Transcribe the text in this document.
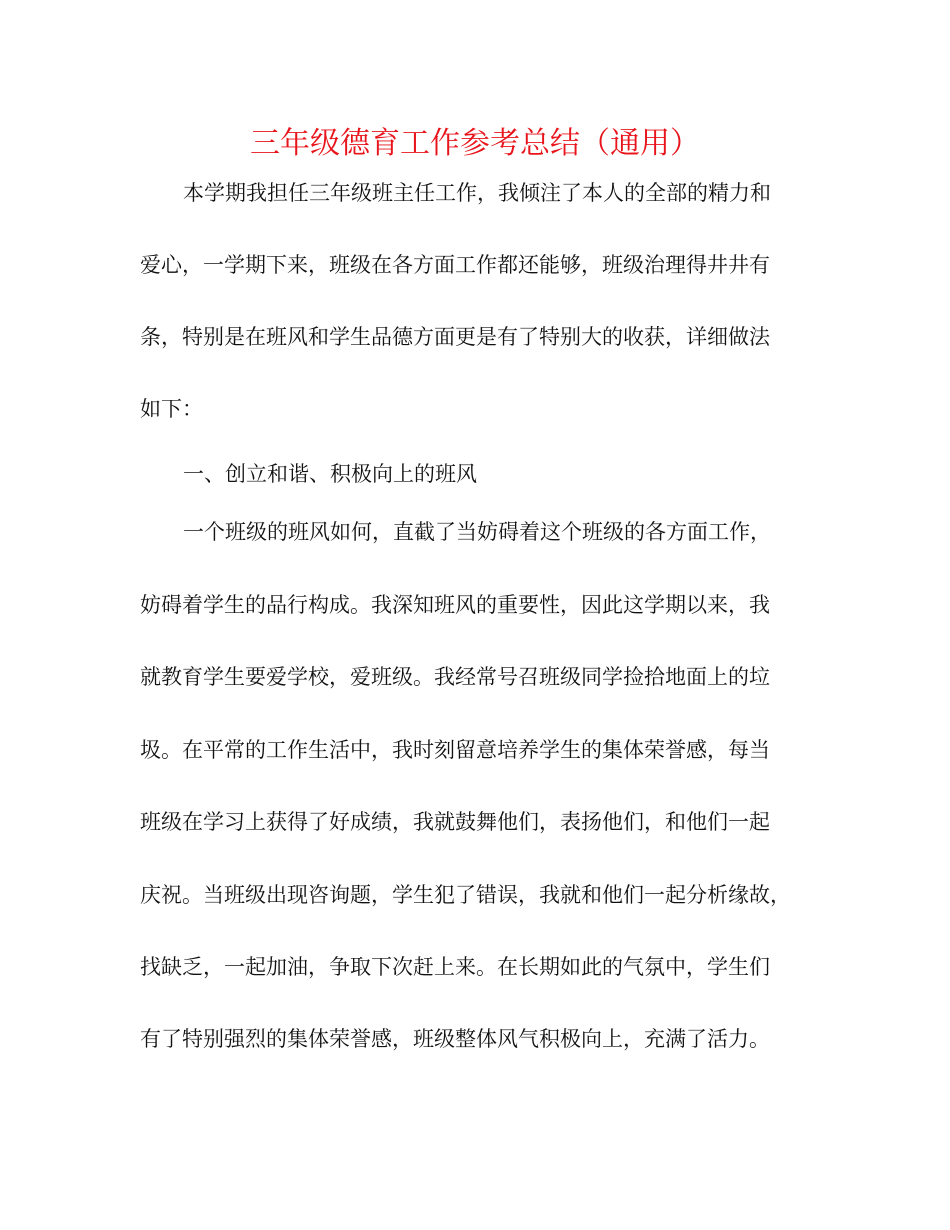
三年级德育工作参考总结（通用）
本学期我担任三年级班主任工作，我倾注了本人的全部的精力和
爱心，一学期下来，班级在各方面工作都还能够，班级治理得井井有
条，特别是在班风和学生品德方面更是有了特别大的收获，详细做法
如下：
一、创立和谐、积极向上的班风
一个班级的班风如何，直截了当妨碍着这个班级的各方面工作，
妨碍着学生的品行构成。我深知班风的重要性，因此这学期以来，我
就教育学生要爱学校，爱班级。我经常号召班级同学捡拾地面上的垃
圾。在平常的工作生活中，我时刻留意培养学生的集体荣誉感，每当
班级在学习上获得了好成绩，我就鼓舞他们，表扬他们，和他们一起
庆祝。当班级出现咨询题，学生犯了错误，我就和他们一起分析缘故，
找缺乏，一起加油，争取下次赶上来。在长期如此的气氛中，学生们
有了特别强烈的集体荣誉感，班级整体风气积极向上，充满了活力。
